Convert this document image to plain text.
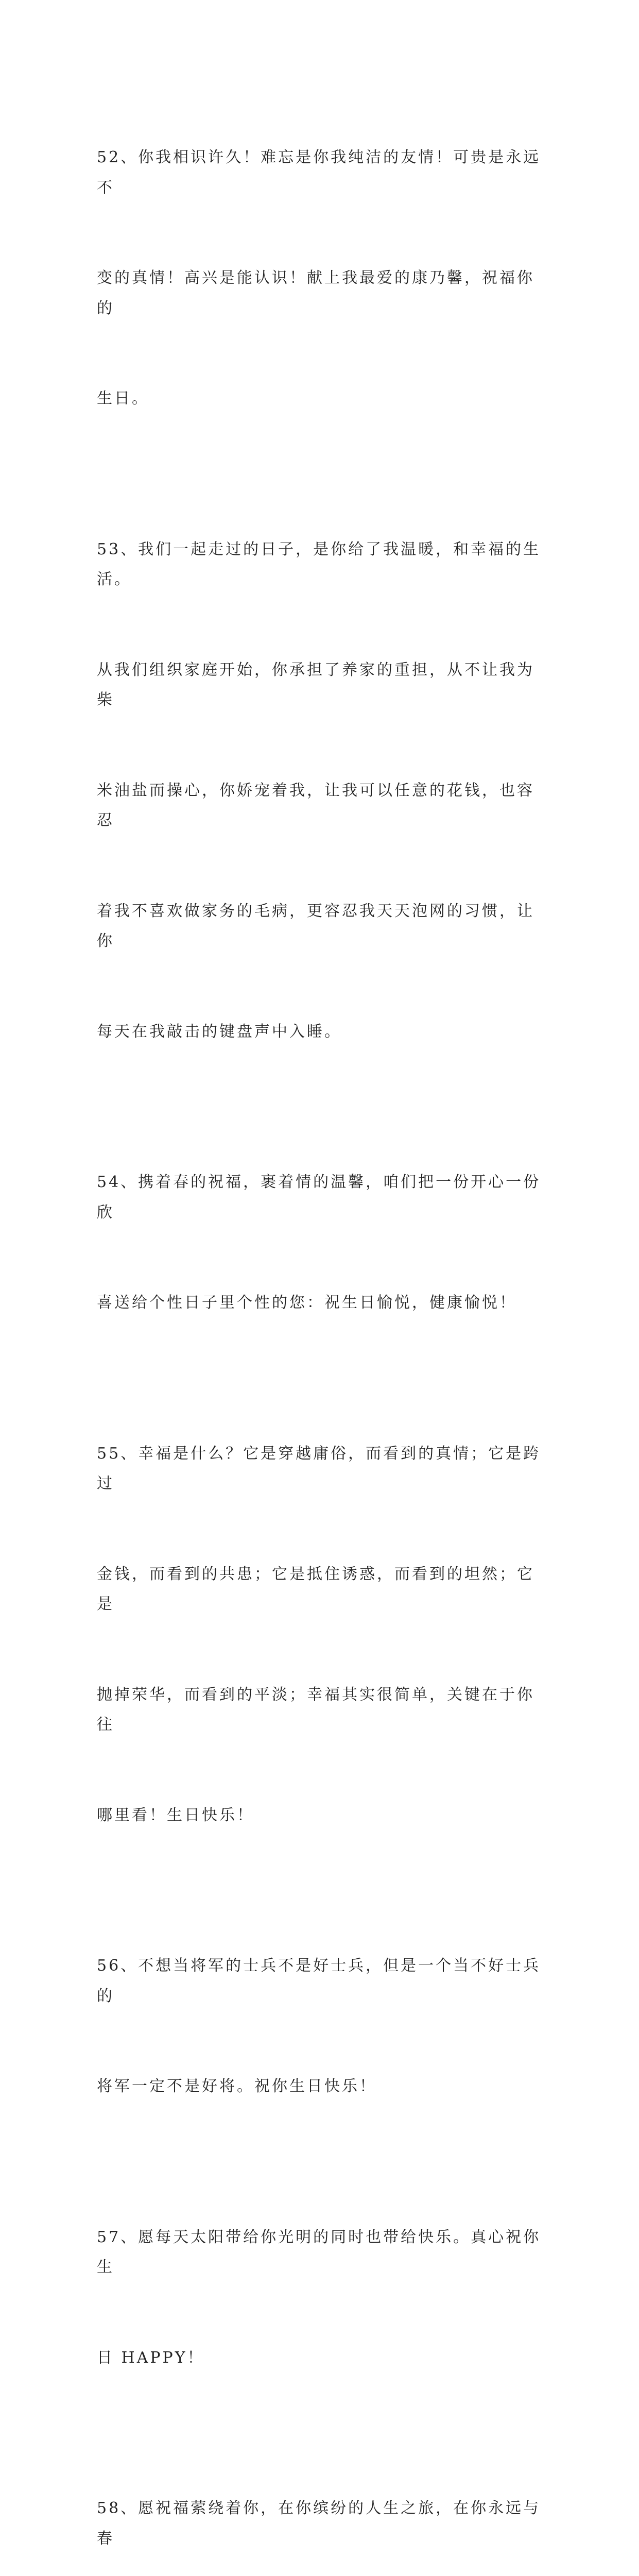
52、你我相识许久！难忘是你我纯洁的友情！可贵是永远不

变的真情！高兴是能认识！献上我最爱的康乃馨，祝福你的

生日。

53、我们一起走过的日子，是你给了我温暖，和幸福的生活。

从我们组织家庭开始，你承担了养家的重担，从不让我为柴

米油盐而操心，你娇宠着我，让我可以任意的花钱，也容忍

着我不喜欢做家务的毛病，更容忍我天天泡网的习惯，让你

每天在我敲击的键盘声中入睡。

54、携着春的祝福，裹着情的温馨，咱们把一份开心一份欣

喜送给个性日子里个性的您：祝生日愉悦，健康愉悦！

55、幸福是什么？它是穿越庸俗，而看到的真情；它是跨过

金钱，而看到的共患；它是抵住诱惑，而看到的坦然；它是

抛掉荣华，而看到的平淡；幸福其实很简单，关键在于你往

哪里看！生日快乐！

56、不想当将军的士兵不是好士兵，但是一个当不好士兵的

将军一定不是好将。祝你生日快乐！

57、愿每天太阳带给你光明的同时也带给快乐。真心祝你生

日 HAPPY！

58、愿祝福萦绕着你，在你缤纷的人生之旅，在你永远与春
